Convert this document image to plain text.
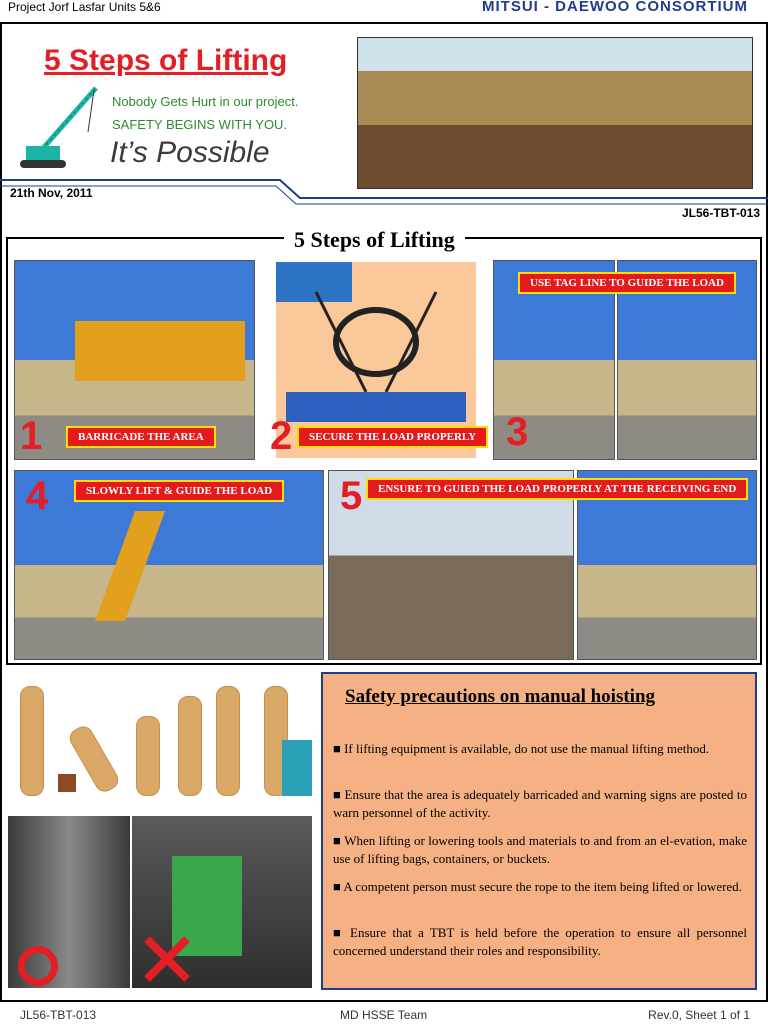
Project Jorf Lasfar Units 5&6	MITSUI - DAEWOO CONSORTIUM
5 Steps of Lifting
Nobody Gets Hurt in our project.
SAFETY BEGINS WITH YOU.
It’s Possible
21th Nov, 2011
JL56-TBT-013
5 Steps of Lifting
1	BARRICADE THE AREA	2	SECURE THE LOAD PROPERLY 3
USE TAG LINE TO GUIDE THE LOAD
4	SLOWLY LIFT & GUIDE THE LOAD	5	ENSURE TO GUIED THE LOAD PROPERLY AT THE RECEIVING END
Safety precautions on manual hoisting
■ If lifting equipment is available, do not use the manual lifting method.
■ Ensure that the area is adequately barricaded and warning signs are posted to warn personnel of the activity.
■ When lifting or lowering tools and materials to and from an el-evation, make use of lifting bags, containers, or buckets.
■ A competent person must secure the rope to the item being lifted or lowered.
■ Ensure that a TBT is held before the operation to ensure all personnel concerned understand their roles and responsibility.
JL56-TBT-013	MD HSSE Team	Rev.0, Sheet 1 of 1
